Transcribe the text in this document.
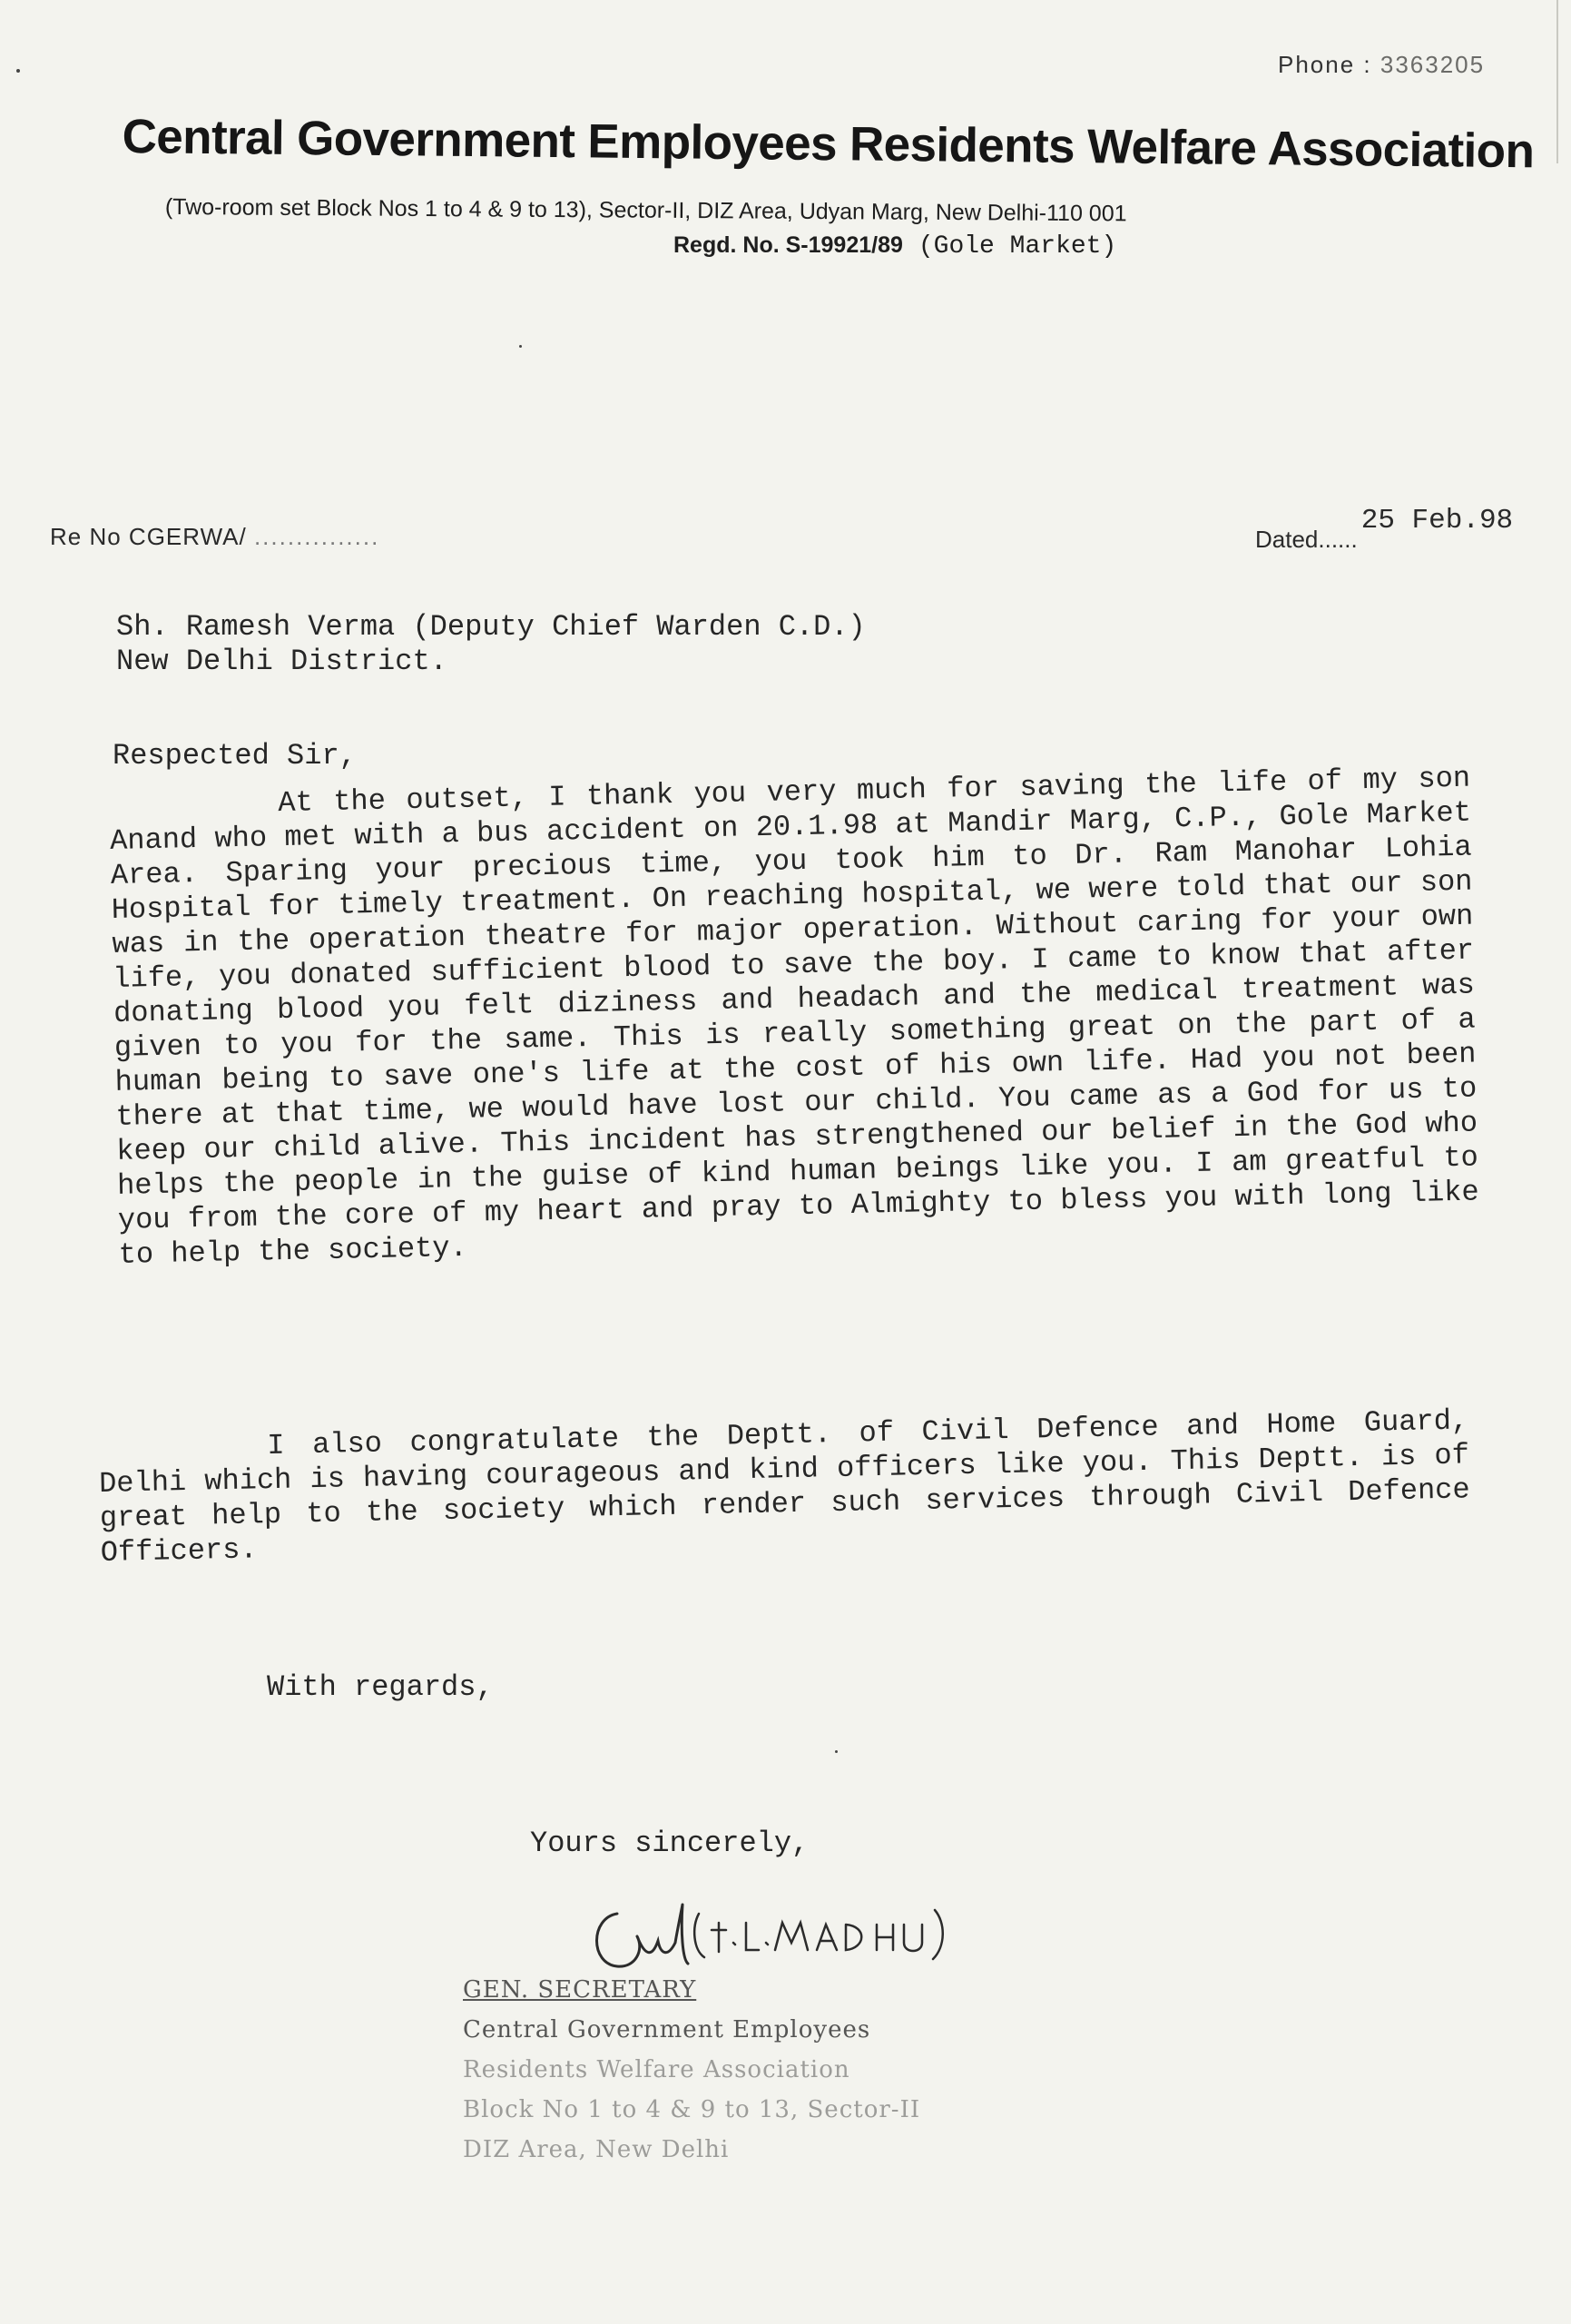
Phone : 3363205
Central Government Employees Residents Welfare Association
(Two-room set Block Nos 1 to 4 & 9 to 13), Sector-II, DIZ Area, Udyan Marg, New Delhi-110 001
Regd. No. S-19921/89 (Gole Market)
Re No CGERWA/ ...............	Dated...... 25 Feb.98
Sh. Ramesh Verma (Deputy Chief Warden C.D.)
New Delhi District.
Respected Sir,

At the outset, I thank you very much for saving the life of my son Anand who met with a bus accident on 20.1.98 at Mandir Marg, C.P., Gole Market Area. Sparing your precious time, you took him to Dr. Ram Manohar Lohia Hospital for timely treatment. On reaching hospital, we were told that our son was in the operation theatre for major operation. Without caring for your own life, you donated sufficient blood to save the boy. I came to know that after donating blood you felt diziness and headach and the medical treatment was given to you for the same. This is really something great on the part of a human being to save one's life at the cost of his own life. Had you not been there at that time, we would have lost our child. You came as a God for us to keep our child alive. This incident has strengthened our belief in the God who helps the people in the guise of kind human beings like you. I am greatful to you from the core of my heart and pray to Almighty to bless you with long like to help the society.

I also congratulate the Deptt. of Civil Defence and Home Guard, Delhi which is having courageous and kind officers like you. This Deptt. is of great help to the society which render such services through Civil Defence Officers.

With regards,
Yours sincerely,
GEN. SECRETARY
Central Government Employees
Residents Welfare Association
Block No 1 to 4 & 9 to 13, Sector-II
DIZ Area, New Delhi
